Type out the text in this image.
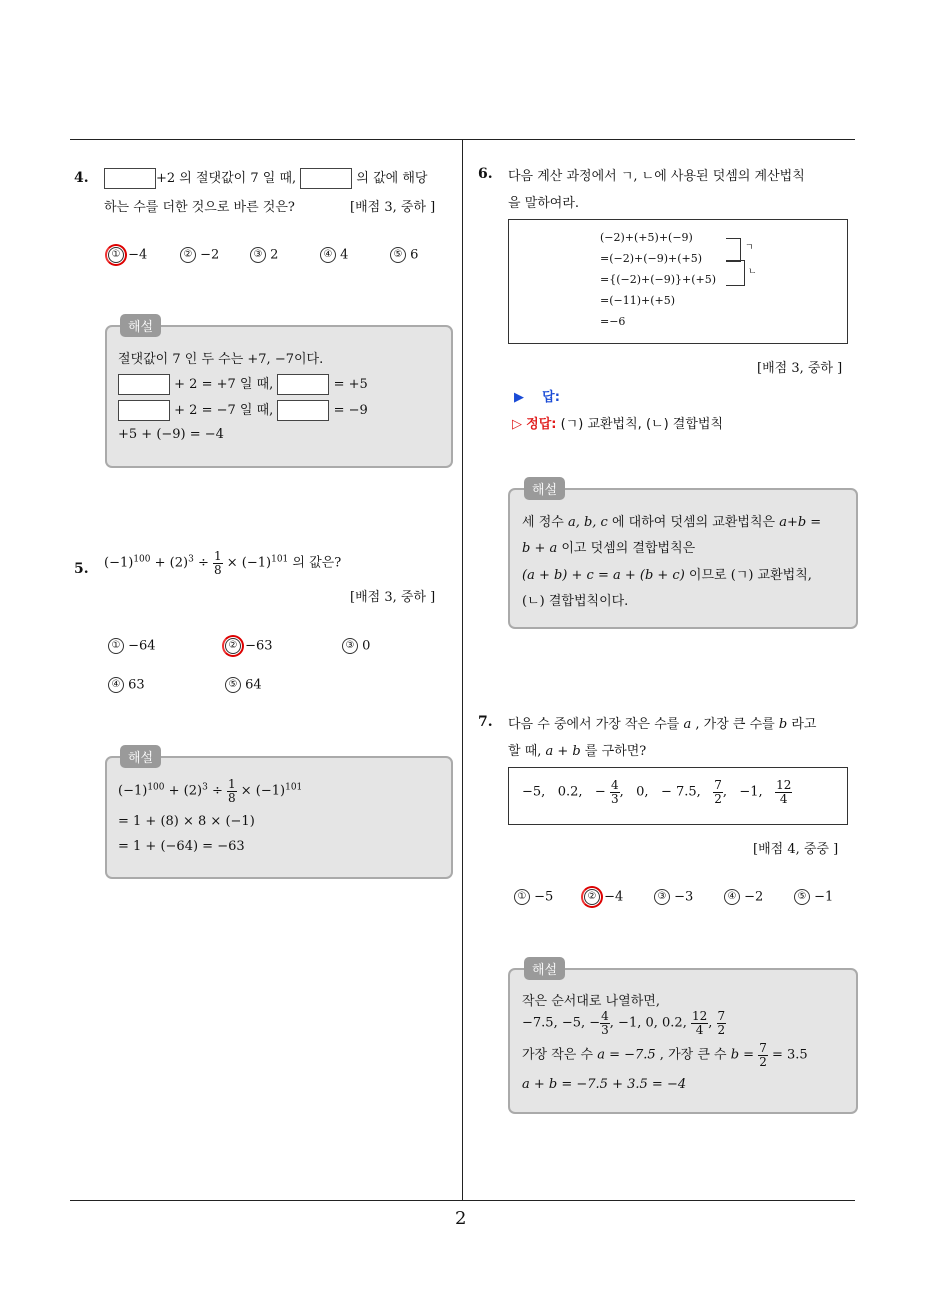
2
4.	+2 의 절댓값이 7 일 때,	의 값에 해당
하는 수를 더한 것으로 바른 것은?	[배점 3, 중하 ]
① −4	② −2	③ 2	④ 4	⑤ 6
해설
절댓값이 7 인 두 수는 +7, −7이다.
+ 2 = +7 일 때,	= +5
+ 2 = −7 일 때,	= −9
+5 + (−9) = −4
5. $(-1)^{100} + (2)^3 \div \frac{1}{8} \times (-1)^{101}$ 의 값은?
[배점 3, 중하 ]
① −64	② −63	③ 0
④ 63	⑤ 64
해설
$(-1)^{100} + (2)^3 \div \frac{1}{8} \times (-1)^{101}$
= 1 + (8) × 8 × (−1)
= 1 + (−64) = −63
6. 다음 계산 과정에서 ㄱ, ㄴ에 사용된 덧셈의 계산법칙
을 말하여라.
(−2)+(+5)+(−9)
=(−2)+(−9)+(+5)
={(−2)+(−9)}+(+5)
=(−11)+(+5)
=−6
ㄱ
ㄴ
[배점 3, 중하 ]
▶ 답:
▷ 정답: (ㄱ) 교환법칙, (ㄴ) 결합법칙
해설
세 정수 a, b, c 에 대하여 덧셈의 교환법칙은 a+b =
b + a 이고 덧셈의 결합법칙은
(a + b) + c = a + (b + c) 이므로 (ㄱ) 교환법칙,
(ㄴ) 결합법칙이다.
7. 다음 수 중에서 가장 작은 수를 a , 가장 큰 수를 b 라고
할 때, a + b 를 구하면?
−5, 0.2, − $\frac{4}{3}$ ,   0, − 7.5, $\frac{7}{2}$ ,   −1, $\frac{12}{4}$
[배점 4, 중중 ]
① −5	② −4	③ −3	④ −2	⑤ −1
해설
작은 순서대로 나열하면,
−7.5, −5, − $\frac{4}{3}$ , −1, 0, 0.2, $\frac{12}{4}$ , $\frac{7}{2}$
가장 작은 수 a = −7.5 , 가장 큰 수 $b = \frac{7}{2} = 3.5$
a + b = −7.5 + 3.5 = −4
